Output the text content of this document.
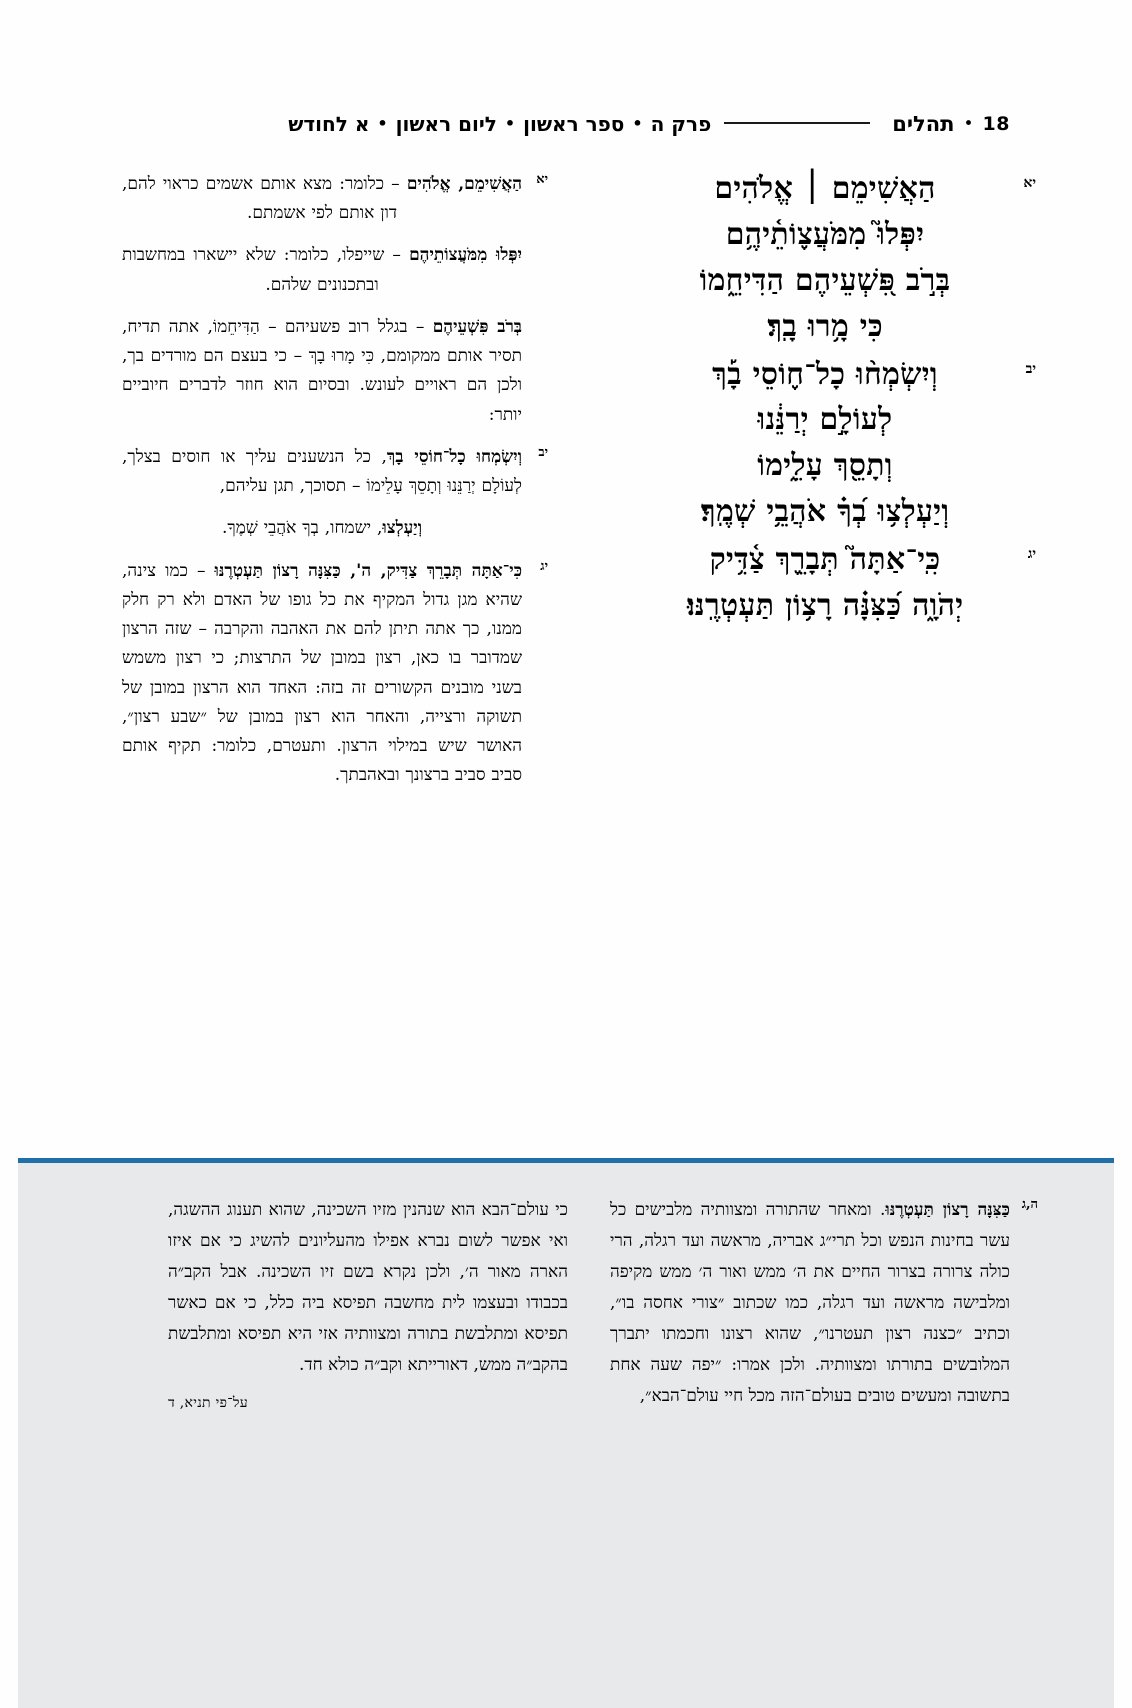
18
•
תהלים
פרק ה
•
ספר ראשון
•
ליום ראשון
•
א לחודש
יא
הַאֲשִׁימֵם ׀ אֱלֹהִים
יִפְּלוּ֮ מִמֹּעֲצ֪וֹתֵ֫יהֶ֥ם
בְּרֹ֣ב פִּ֭שְׁעֵיהֶם הַדִּיחֵ֑מוֹ
כִּי מָ֥רוּ בָֽךְ׃
יב
וְיִשְׂמְח֨וּ כָל־ח֪וֹסֵי בָ֡ךְ
לְעוֹלָ֣ם יְרַנֵּ֔נוּ
וְתָסֵ֖ךְ עָלֵ֑ימוֹ
וְיַעְלְצ֥וּ בְ֝ךָ֗ אֹהֲבֵ֥י שְׁמֶֽךָ׃
יג
כִּֽי־אַתָּה֮ תְּבָרֵ֪ךְ צַ֫דִּ֥יק
יְהֹוָ֑ה כַּ֝צִּנָּ֗ה רָצ֥וֹן תַּעְטְרֶֽנּוּ׃
יא
הַאֲשִׁימֵם, אֱלֹהִים – כלומר: מצא אותם אשמים כראוי להם, דון אותם לפי אשמתם.
יִפְּלוּ מִמֹּעֲצוֹתֵיהֶם – שייפלו, כלומר: שלא יישארו במחשבות ובתכנונים שלהם.
בְּרֹב פִּשְׁעֵיהֶם – בגלל רוב פשעיהם – הַדִּיחֵמוֹ, אתה תדיח, תסיר אותם ממקומם, כִּי מָרוּ בָךְ – כי בעצם הם מורדים בך, ולכן הם ראויים לעונש. ובסיום הוא חוזר לדברים חיוביים יותר:
יב
וְיִשְׂמְחוּ כָל־חוֹסֵי בָךְ, כל הנשענים עליך או חוסים בצלך, לְעוֹלָם יְרַנֵּנוּ וְתָסֵךְ עָלֵימוֹ – תסוכך, תגן עליהם,
וְיַעְלְצוּ, ישמחו, בְךָ אֹהֲבֵי שְׁמֶךָ.
יג
כִּי־אַתָּה תְּבָרֵךְ צַדִּיק, ה', כַּצִּנָּה רָצוֹן תַּעְטְרֶנּוּ – כמו צינה, שהיא מגן גדול המקיף את כל גופו של האדם ולא רק חלק ממנו, כך אתה תיתן להם את האהבה והקרבה – שזה הרצון שמדובר בו כאן, רצון במובן של התרצות; כי רצון משמש בשני מובנים הקשורים זה בזה: האחד הוא הרצון במובן של תשוקה ורצייה, והאחר הוא רצון במובן של ״שבע רצון״, האושר שיש במילוי הרצון. ותעטרם, כלומר: תקיף אותם סביב סביב ברצונך ובאהבתך.
ה,ג
כַּצִּנָּה רָצוֹן תַּעְטְרֶנּוּ. ומאחר שהתורה ומצוותיה מלבישים כל עשר בחינות הנפש וכל תרי״ג אבריה, מראשה ועד רגלה, הרי כולה צרורה בצרור החיים את ה׳ ממש ואור ה׳ ממש מקיפה ומלבישה מראשה ועד רגלה, כמו שכתוב ״צורי אחסה בו״, וכתיב ״כצנה רצון תעטרנו״, שהוא רצונו וחכמתו יתברך המלובשים בתורתו ומצוותיה. ולכן אמרו: ״יפה שעה אחת בתשובה ומעשים טובים בעולם־הזה מכל חיי עולם־הבא״,
כי עולם־הבא הוא שנהנין מזיו השכינה, שהוא תענוג ההשגה, ואי אפשר לשום נברא אפילו מהעליונים להשיג כי אם איזו הארה מאור ה׳, ולכן נקרא בשם זיו השכינה. אבל הקב״ה בכבודו ובעצמו לית מחשבה תפיסא ביה כלל, כי אם כאשר תפיסא ומתלבשת בתורה ומצוותיה אזי היא תפיסא ומתלבשת בהקב״ה ממש, דאורייתא וקב״ה כולא חד.
על־פי תניא, ד
